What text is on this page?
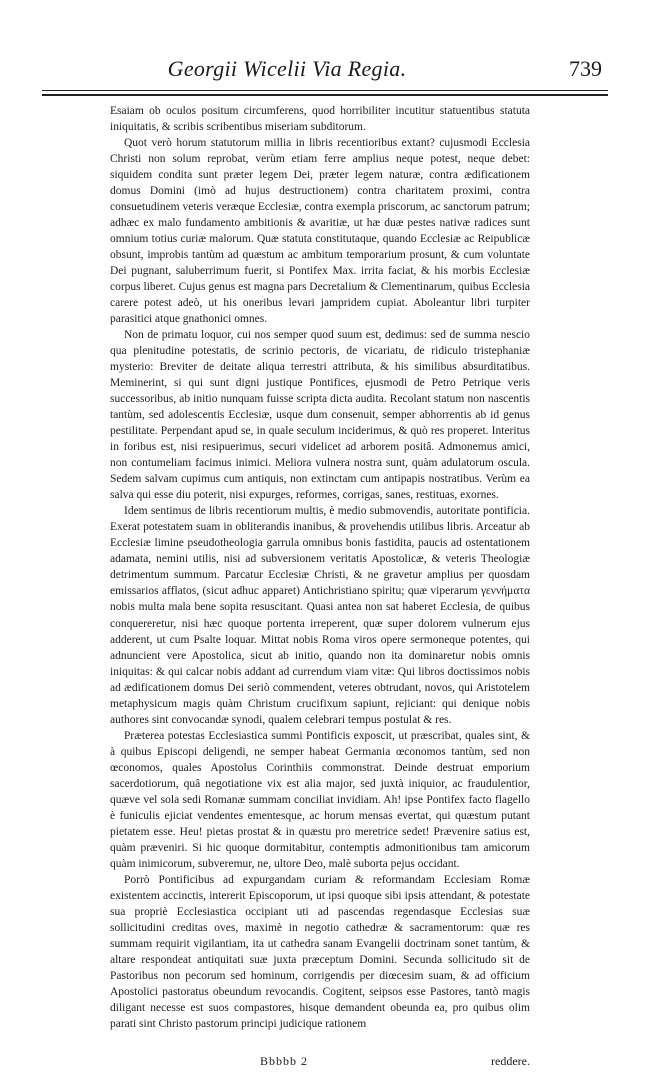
Georgii Wicelii Via Regia.	739

Esaiam ob oculos positum circumferens, quod horribiliter incutitur statuentibus statuta iniquitatis, & scribis scribentibus miseriam subditorum.

Quot verò horum statutorum millia in libris recentioribus extant? cujusmodi Ecclesia Christi non solum reprobat, verùm etiam ferre amplius neque potest, neque debet: siquidem condita sunt præter legem Dei, præter legem naturæ, contra ædificationem domus Domini (imò ad hujus destructionem) contra charitatem proximi, contra consuetudinem veteris veræque Ecclesiæ, contra exempla priscorum, ac sanctorum patrum; adhæc ex malo fundamento ambitionis & avaritiæ, ut hæ duæ pestes nativæ radices sunt omnium totius curiæ malorum. Quæ statuta constitutaque, quando Ecclesiæ ac Reipublicæ obsunt, improbis tantùm ad quæstum ac ambitum temporarium prosunt, & cum voluntate Dei pugnant, saluberrimum fuerit, si Pontifex Max. irrita faciat, & his morbis Ecclesiæ corpus liberet. Cujus genus est magna pars Decretalium & Clementinarum, quibus Ecclesia carere potest adeò, ut his oneribus levari jampridem cupiat. Aboleantur libri turpiter parasitici atque gnathonici omnes.

Non de primatu loquor, cui nos semper quod suum est, dedimus: sed de summa nescio qua plenitudine potestatis, de scrinio pectoris, de vicariatu, de ridiculo tristephaniæ mysterio: Breviter de deitate aliqua terrestri attributa, & his similibus absurditatibus. Meminerint, si qui sunt digni justique Pontifices, ejusmodi de Petro Petrique veris successoribus, ab initio nunquam fuisse scripta dicta audita. Recolant statum non nascentis tantùm, sed adolescentis Ecclesiæ, usque dum consenuit, semper abhorrentis ab id genus pestilitate. Perpendant apud se, in quale seculum inciderimus, & quò res properet. Interitus in foribus est, nisi resipuerimus, securi videlicet ad arborem positâ. Admonemus amici, non contumeliam facimus inimici. Meliora vulnera nostra sunt, quàm adulatorum oscula. Sedem salvam cupimus cum antiquis, non extinctam cum antipapis nostratibus. Verùm ea salva qui esse diu poterit, nisi expurges, reformes, corrigas, sanes, restituas, exornes.

Idem sentimus de libris recentiorum multis, è medio submovendis, autoritate pontificia. Exerat potestatem suam in obliterandis inanibus, & provehendis utilibus libris. Arceatur ab Ecclesiæ limine pseudotheologia garrula omnibus bonis fastidita, paucis ad ostentationem adamata, nemini utilis, nisi ad subversionem veritatis Apostolicæ, & veteris Theologiæ detrimentum summum. Parcatur Ecclesiæ Christi, & ne gravetur amplius per quosdam emissarios afflatos, (sicut adhuc apparet) Antichristiano spiritu; quæ viperarum γεννήματα nobis multa mala bene sopita resuscitant. Quasi antea non sat haberet Ecclesia, de quibus conquereretur, nisi hæc quoque portenta irreperent, quæ super dolorem vulnerum ejus adderent, ut cum Psalte loquar. Mittat nobis Roma viros opere sermoneque potentes, qui adnuncient vere Apostolica, sicut ab initio, quando non ita dominaretur nobis omnis iniquitas: & qui calcar nobis addant ad currendum viam vitæ: Qui libros doctissimos nobis ad ædificationem domus Dei seriò commendent, veteres obtrudant, novos, qui Aristotelem metaphysicum magis quàm Christum crucifixum sapiunt, rejiciant: qui denique nobis authores sint convocandæ synodi, qualem celebrari tempus postulat & res.

Præterea potestas Ecclesiastica summi Pontificis exposcit, ut præscribat, quales sint, & à quibus Episcopi deligendi, ne semper habeat Germania œconomos tantùm, sed non œconomos, quales Apostolus Corinthiis commonstrat. Deinde destruat emporium sacerdotiorum, quâ negotiatione vix est alia major, sed juxtà iniquior, ac fraudulentior, quæve vel sola sedi Romanæ summam conciliat invidiam. Ah! ipse Pontifex facto flagello è funiculis ejiciat vendentes ementesque, ac horum mensas evertat, qui quæstum putant pietatem esse. Heu! pietas prostat & in quæstu pro meretrice sedet! Prævenire satius est, quàm præveniri. Si hic quoque dormitabitur, contemptis admonitionibus tam amicorum quàm inimicorum, subveremur, ne, ultore Deo, malè suborta pejus occidant.

Porrò Pontificibus ad expurgandam curiam & reformandam Ecclesiam Romæ existentem accinctis, intererit Episcoporum, ut ipsi quoque sibi ipsis attendant, & potestate sua propriè Ecclesiastica occipiant uti ad pascendas regendasque Ecclesias suæ sollicitudini creditas oves, maximè in negotio cathedræ & sacramentorum: quæ res summam requirit vigilantiam, ita ut cathedra sanam Evangelii doctrinam sonet tantùm, & altare respondeat antiquitati suæ juxta præceptum Domini. Secunda sollicitudo sit de Pastoribus non pecorum sed hominum, corrigendis per diœcesim suam, & ad officium Apostolici pastoratus obeundum revocandis. Cogitent, seipsos esse Pastores, tantò magis diligant necesse est suos compastores, hisque demandent obeunda ea, pro quibus olim parati sint Christo pastorum principi judicique rationem

Bbbbb 2	reddere.
